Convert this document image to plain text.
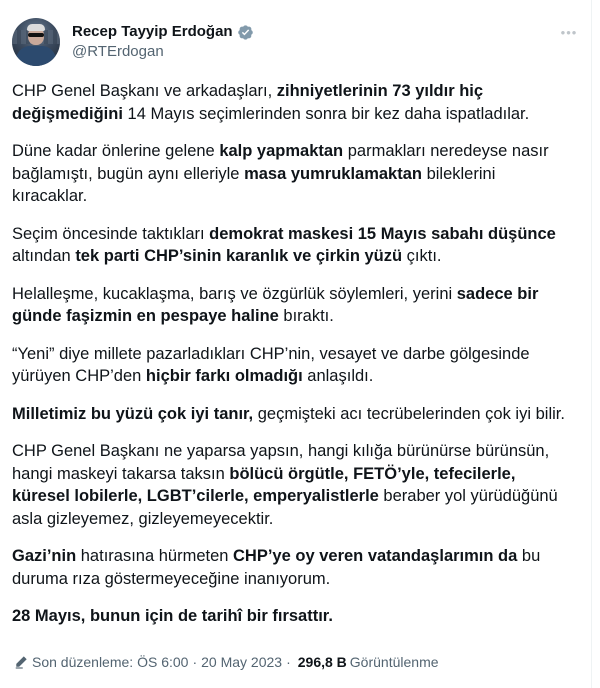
Recep Tayyip Erdoğan
@RTErdogan
•••

CHP Genel Başkanı ve arkadaşları, zihniyetlerinin 73 yıldır hiç değişmediğini 14 Mayıs seçimlerinden sonra bir kez daha ispatladılar.

Düne kadar önlerine gelene kalp yapmaktan parmakları neredeyse nasır bağlamıştı, bugün aynı elleriyle masa yumruklamaktan bileklerini kıracaklar.

Seçim öncesinde taktıkları demokrat maskesi 15 Mayıs sabahı düşünce altından tek parti CHP’sinin karanlık ve çirkin yüzü çıktı.

Helalleşme, kucaklaşma, barış ve özgürlük söylemleri, yerini sadece bir günde faşizmin en pespaye haline bıraktı.

“Yeni” diye millete pazarladıkları CHP’nin, vesayet ve darbe gölgesinde yürüyen CHP’den hiçbir farkı olmadığı anlaşıldı.

Milletimiz bu yüzü çok iyi tanır, geçmişteki acı tecrübelerinden çok iyi bilir.

CHP Genel Başkanı ne yaparsa yapsın, hangi kılığa bürünürse bürünsün, hangi maskeyi takarsa taksın bölücü örgütle, FETÖ’yle, tefecilerle, küresel lobilerle, LGBT’cilerle, emperyalistlerle beraber yol yürüdüğünü asla gizleyemez, gizleyemeyecektir.

Gazi’nin hatırasına hürmeten CHP’ye oy veren vatandaşlarımın da bu duruma rıza göstermeyeceğine inanıyorum.

28 Mayıs, bunun için de tarihî bir fırsattır.

Son düzenleme:
ÖS 6:00 · 20 May 2023 · 296,8 B Görüntülenme
